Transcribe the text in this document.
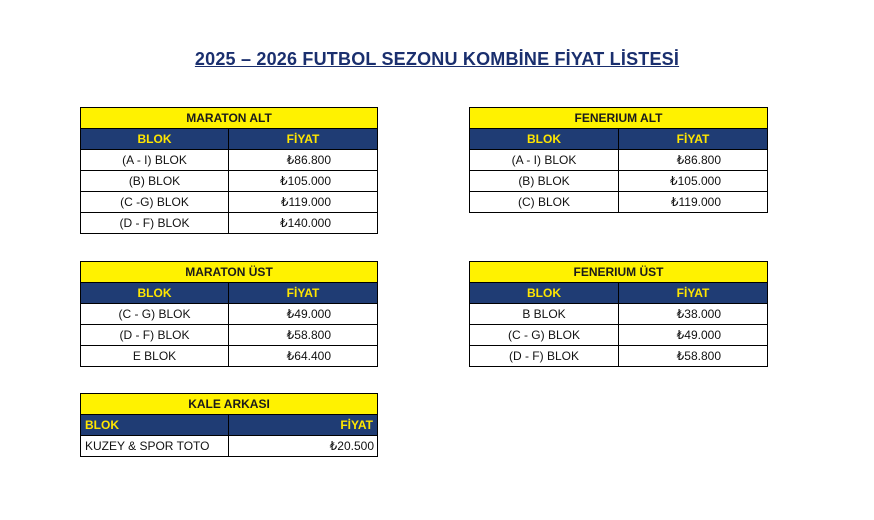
2025 – 2026 FUTBOL SEZONU KOMBİNE FİYAT LİSTESİ
MARATON ALT	
BLOK	FİYAT
(A - I) BLOK	₺86.800
(B) BLOK	₺105.000
(C -G) BLOK	₺119.000
(D - F) BLOK	₺140.000
FENERIUM ALT	
BLOK	FİYAT
(A - I) BLOK	₺86.800
(B) BLOK	₺105.000
(C) BLOK	₺119.000
MARATON ÜST	
BLOK	FİYAT
(C - G) BLOK	₺49.000
(D - F) BLOK	₺58.800
E BLOK	₺64.400
FENERIUM ÜST	
BLOK	FİYAT
B BLOK	₺38.000
(C - G) BLOK	₺49.000
(D - F) BLOK	₺58.800
KALE ARKASI	
BLOK	FİYAT
KUZEY & SPOR TOTO	₺20.500
